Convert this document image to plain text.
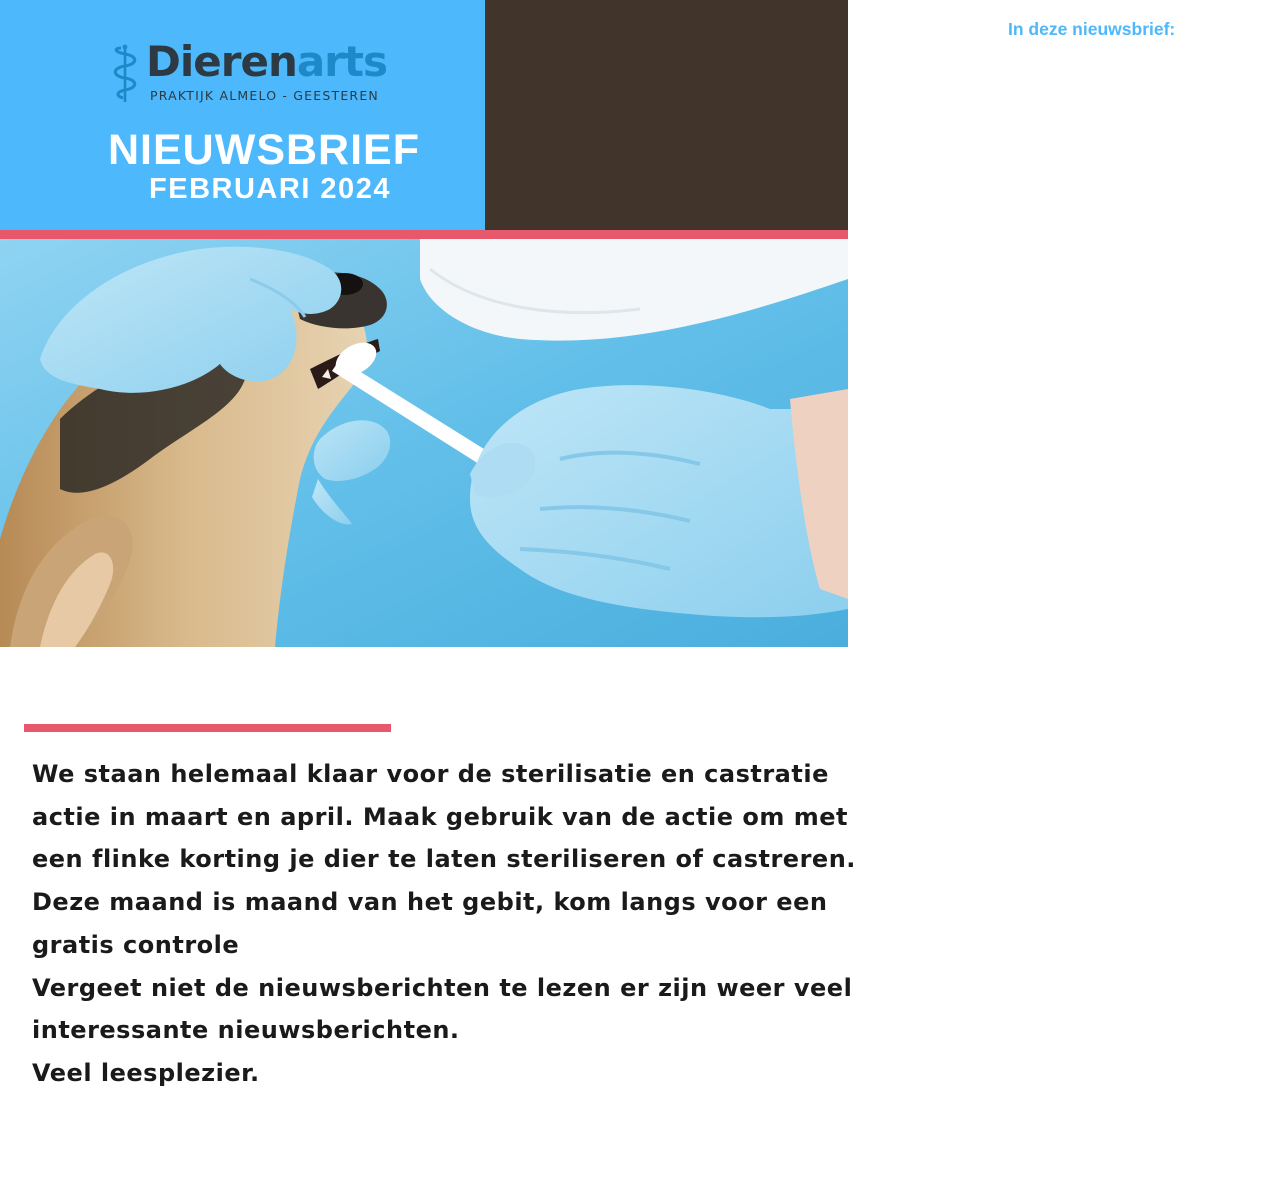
Dierenarts
PRAKTIJK ALMELO - GEESTEREN
NIEUWSBRIEF
FEBRUARI 2024
In deze nieuwsbrief:
castratie sterilisatie actie
maand van het gebit
Kwis
nieuws
column

We staan helemaal klaar voor de sterilisatie en castratie

actie in maart en april. Maak gebruik van de actie om met

een flinke korting je dier te laten steriliseren of castreren.

Deze maand is maand van het gebit, kom langs voor een

gratis controle

Vergeet niet de nieuwsberichten te lezen er zijn weer veel

interessante nieuwsberichten.

Veel leesplezier.
